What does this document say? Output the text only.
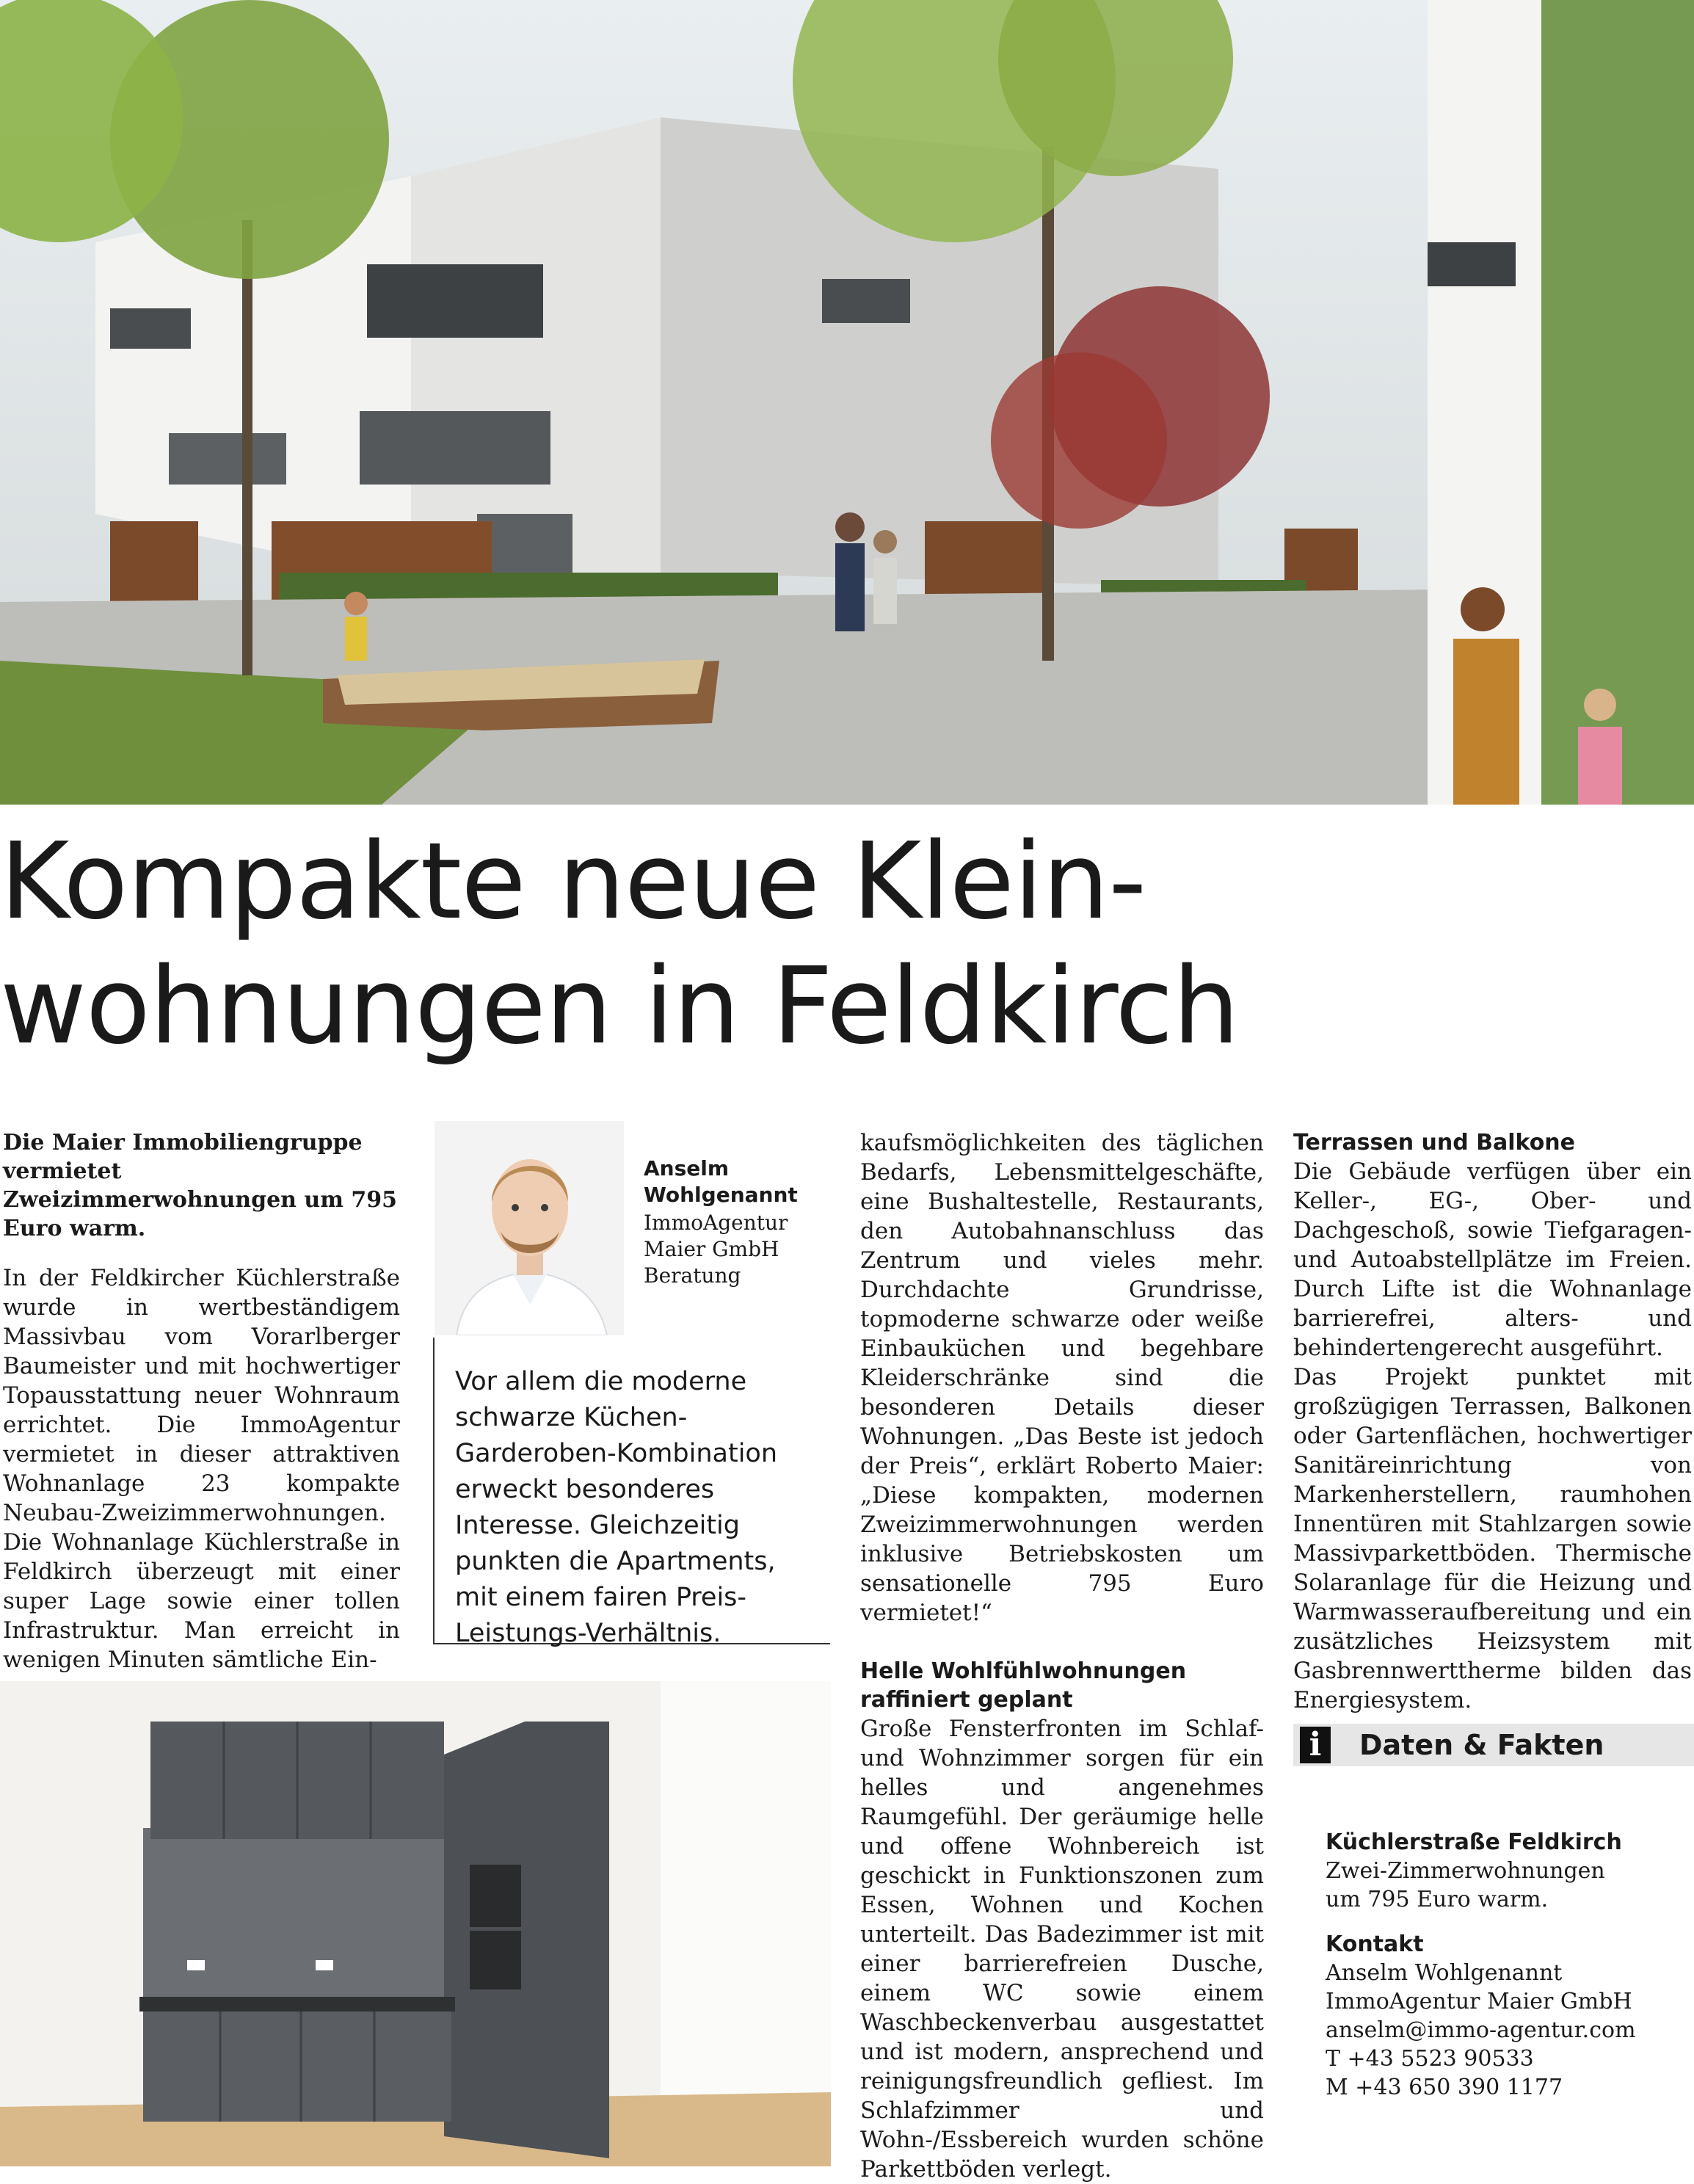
Kompakte neue Klein-
wohnungen in Feldkirch

Die Maier Immobiliengruppe vermietet Zweizimmerwohnungen um 795 Euro warm.

In der Feldkircher Küchlerstraße wurde in wertbeständigem Massivbau vom Vorarlberger Baumeister und mit hochwertiger Topausstattung neuer Wohnraum errichtet. Die ImmoAgentur vermietet in dieser attraktiven Wohnanlage 23 kompakte Neubau-Zweizimmerwohnungen.

Die Wohnanlage Küchlerstraße in Feldkirch überzeugt mit einer super Lage sowie einer tollen Infrastruktur. Man erreicht in wenigen Minuten sämtliche Ein-

Anselm Wohlgenannt
ImmoAgentur
Maier GmbH
Beratung
Vor allem die moderne schwarze Küchen-Garderoben-Kombination erweckt besonderes Interesse. Gleichzeitig punkten die Apartments, mit einem fairen Preis-Leistungs-Verhältnis.

kaufsmöglichkeiten des täglichen Bedarfs, Lebensmittelgeschäfte, eine Bushaltestelle, Restaurants, den Autobahnanschluss das Zentrum und vieles mehr. Durchdachte Grundrisse, topmoderne schwarze oder weiße Einbauküchen und begehbare Kleiderschränke sind die besonderen Details dieser Wohnungen. „Das Beste ist jedoch der Preis“, erklärt Roberto Maier: „Diese kompakten, modernen Zweizimmerwohnungen werden inklusive Betriebskosten um sensationelle 795 Euro vermietet!“

Helle Wohlfühlwohnungen raffiniert geplant

Große Fensterfronten im Schlaf- und Wohnzimmer sorgen für ein helles und angenehmes Raumgefühl. Der geräumige helle und offene Wohnbereich ist geschickt in Funktionszonen zum Essen, Wohnen und Kochen unterteilt. Das Badezimmer ist mit einer barrierefreien Dusche, einem WC sowie einem Waschbeckenverbau ausgestattet und ist modern, ansprechend und reinigungsfreundlich gefliest. Im Schlafzimmer und Wohn-/Essbereich wurden schöne Parkettböden verlegt.

Terrassen und Balkone

Die Gebäude verfügen über ein Keller-, EG-, Ober- und Dachgeschoß, sowie Tiefgaragen- und Autoabstellplätze im Freien. Durch Lifte ist die Wohnanlage barrierefrei, alters- und behindertengerecht ausgeführt.

Das Projekt punktet mit großzügigen Terrassen, Balkonen oder Gartenflächen, hochwertiger Sanitäreinrichtung von Markenherstellern, raumhohen Innentüren mit Stahlzargen sowie Massivparkettböden. Thermische Solaranlage für die Heizung und Warmwasseraufbereitung und ein zusätzliches Heizsystem mit Gasbrennwerttherme bilden das Energiesystem.

i	Daten & Fakten

Küchlerstraße Feldkirch

Zwei-Zimmerwohnungen

um 795 Euro warm.

Kontakt

Anselm Wohlgenannt

ImmoAgentur Maier GmbH

anselm@immo-agentur.com

T +43 5523 90533

M +43 650 390 1177
